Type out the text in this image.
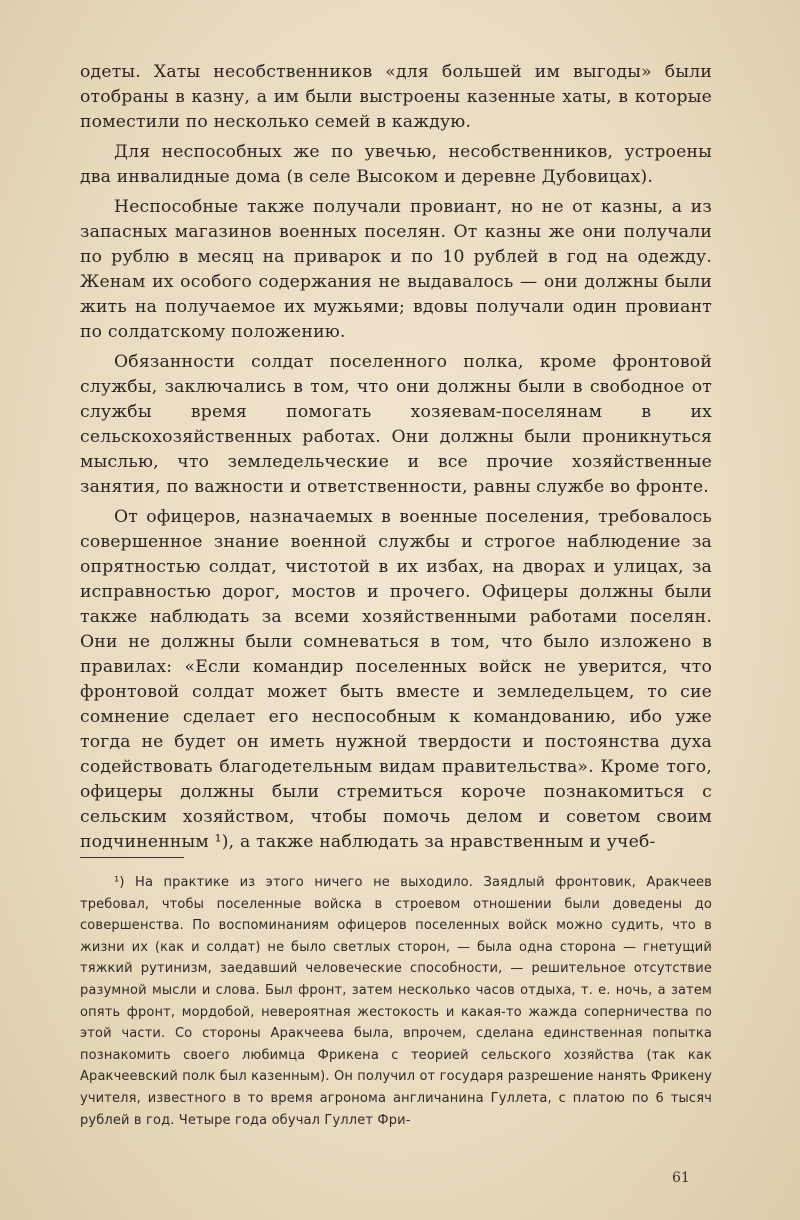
одеты. Хаты несобственников «для большей им выгоды» были отобраны в казну, а им были выстроены казенные хаты, в которые поместили по несколько семей в каждую.

Для неспособных же по увечью, несобственников, устроены два инвалидные дома (в селе Высоком и деревне Дубовицах).

Неспособные также получали провиант, но не от казны, а из запасных магазинов военных поселян. От казны же они получали по рублю в месяц на приварок и по 10 рублей в год на одежду. Женам их особого содержания не выдавалось — они должны были жить на получаемое их мужьями; вдовы получали один провиант по солдатскому положению.

Обязанности солдат поселенного полка, кроме фронтовой службы, заключались в том, что они должны были в свободное от службы время помогать хозяевам-поселянам в их сельскохозяйственных работах. Они должны были проникнуться мыслью, что земледельческие и все прочие хозяйственные занятия, по важности и ответственности, равны службе во фронте.

От офицеров, назначаемых в военные поселения, требовалось совершенное знание военной службы и строгое наблюдение за опрятностью солдат, чистотой в их избах, на дворах и улицах, за исправностью дорог, мостов и прочего. Офицеры должны были также наблюдать за всеми хозяйственными работами поселян. Они не должны были сомневаться в том, что было изложено в правилах: «Если командир поселенных войск не уверится, что фронтовой солдат может быть вместе и земледельцем, то сие сомнение сделает его неспособным к командованию, ибо уже тогда не будет он иметь нужной твердости и постоянства духа содействовать благодетельным видам правительства». Кроме того, офицеры должны были стремиться короче познакомиться с сельским хозяйством, чтобы помочь делом и советом своим подчиненным ¹), а также наблюдать за нравственным и учеб-

¹) На практике из этого ничего не выходило. Заядлый фронтовик, Аракчеев требовал, чтобы поселенные войска в строевом отношении были доведены до совершенства. По воспоминаниям офицеров поселенных войск можно судить, что в жизни их (как и солдат) не было светлых сторон, — была одна сторона — гнетущий тяжкий рутинизм, заедавший человеческие способности, — решительное отсутствие разумной мысли и слова. Был фронт, затем несколько часов отдыха, т. е. ночь, а затем опять фронт, мордобой, невероятная жестокость и какая-то жажда соперничества по этой части. Со стороны Аракчеева была, впрочем, сделана единственная попытка познакомить своего любимца Фрикена с теорией сельского хозяйства (так как Аракчеевский полк был казенным). Он получил от государя разрешение нанять Фрикену учителя, известного в то время агронома англичанина Гуллета, с платою по 6 тысяч рублей в год. Четыре года обучал Гуллет Фри-

61
